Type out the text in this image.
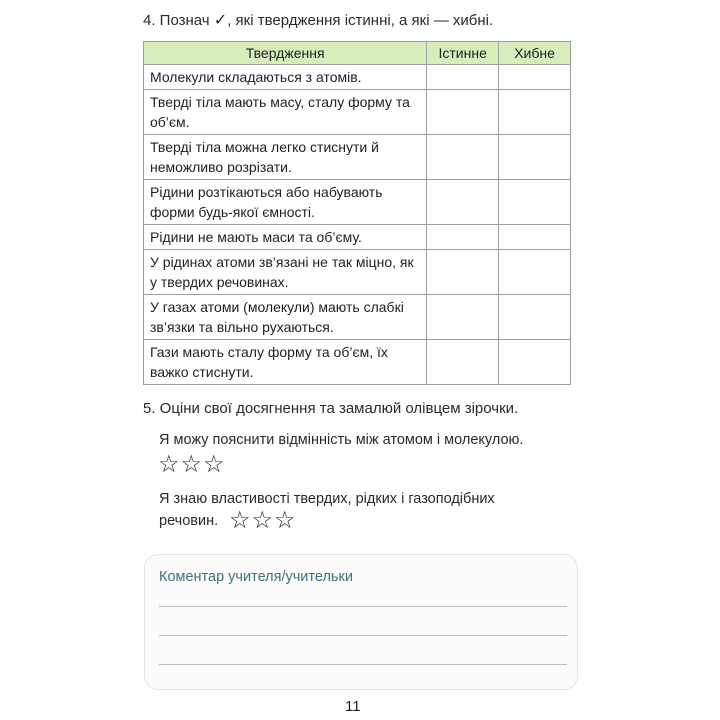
4. Познач ✓, які твердження істинні, а які — хибні.
Твердження	Істинне	Хибне
Молекули складаються з атомів.		
Тверді тіла мають масу, сталу форму та об’єм.		
Тверді тіла можна легко стиснути й неможливо розрізати.		
Рідини розтікаються або набувають форми будь-якої ємності.		
Рідини не мають маси та об’єму.		
У рідинах атоми зв’язані не так міцно, як у твердих речовинах.		
У газах атоми (молекули) мають слабкі зв’язки та вільно рухаються.		
Гази мають сталу форму та об’єм, їх важко стиснути.		
5. Оціни свої досягнення та замалюй олівцем зірочки.
Я можу пояснити відмінність між атомом і молекулою.
☆☆☆
Я знаю властивості твердих, рідких і газоподібних
речовин. ☆☆☆
Коментар учителя/учительки
11
